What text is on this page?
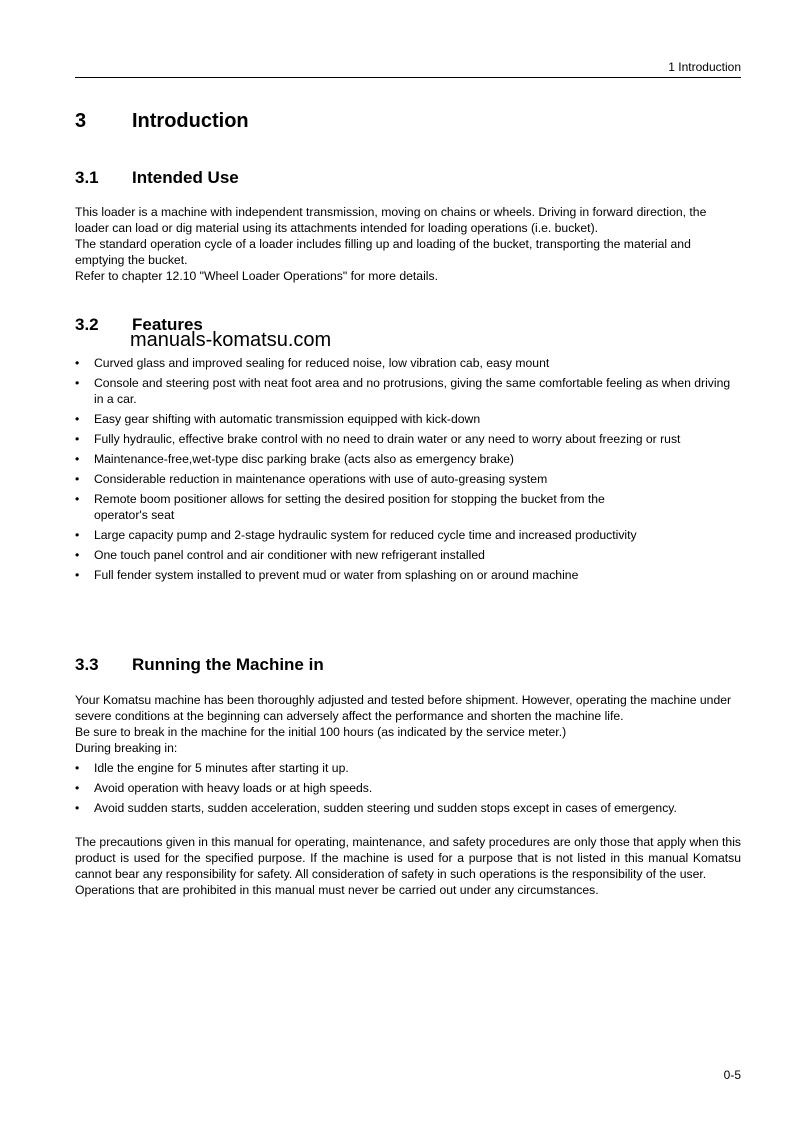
1 Introduction
3 Introduction
3.1 Intended Use

This loader is a machine with independent transmission, moving on chains or wheels. Driving in forward direction, the loader can load or dig material using its attachments intended for loading operations (i.e. bucket).

The standard operation cycle of a loader includes filling up and loading of the bucket, transporting the material and emptying the bucket.

Refer to chapter 12.10 "Wheel Loader Operations" for more details.

3.2 Features
manuals-komatsu.com
• Curved glass and improved sealing for reduced noise, low vibration cab, easy mount
• Console and steering post with neat foot area and no protrusions, giving the same comfortable feeling as when driving in a car.
• Easy gear shifting with automatic transmission equipped with kick-down
• Fully hydraulic, effective brake control with no need to drain water or any need to worry about freezing or rust
• Maintenance-free,wet-type disc parking brake (acts also as emergency brake)
• Considerable reduction in maintenance operations with use of auto-greasing system
• Remote boom positioner allows for setting the desired position for stopping the bucket from the operator's seat
• Large capacity pump and 2-stage hydraulic system for reduced cycle time and increased productivity
• One touch panel control and air conditioner with new refrigerant installed
• Full fender system installed to prevent mud or water from splashing on or around machine
3.3 Running the Machine in

Your Komatsu machine has been thoroughly adjusted and tested before shipment. However, operating the machine under severe conditions at the beginning can adversely affect the performance and shorten the machine life.

Be sure to break in the machine for the initial 100 hours (as indicated by the service meter.)

During breaking in:

• Idle the engine for 5 minutes after starting it up.
• Avoid operation with heavy loads or at high speeds.
• Avoid sudden starts, sudden acceleration, sudden steering und sudden stops except in cases of emergency.

The precautions given in this manual for operating, maintenance, and safety procedures are only those that apply when this product is used for the specified purpose. If the machine is used for a purpose that is not listed in this manual Komatsu cannot bear any responsibility for safety. All consideration of safety in such operations is the responsibility of the user.

Operations that are prohibited in this manual must never be carried out under any circumstances.

0-5
